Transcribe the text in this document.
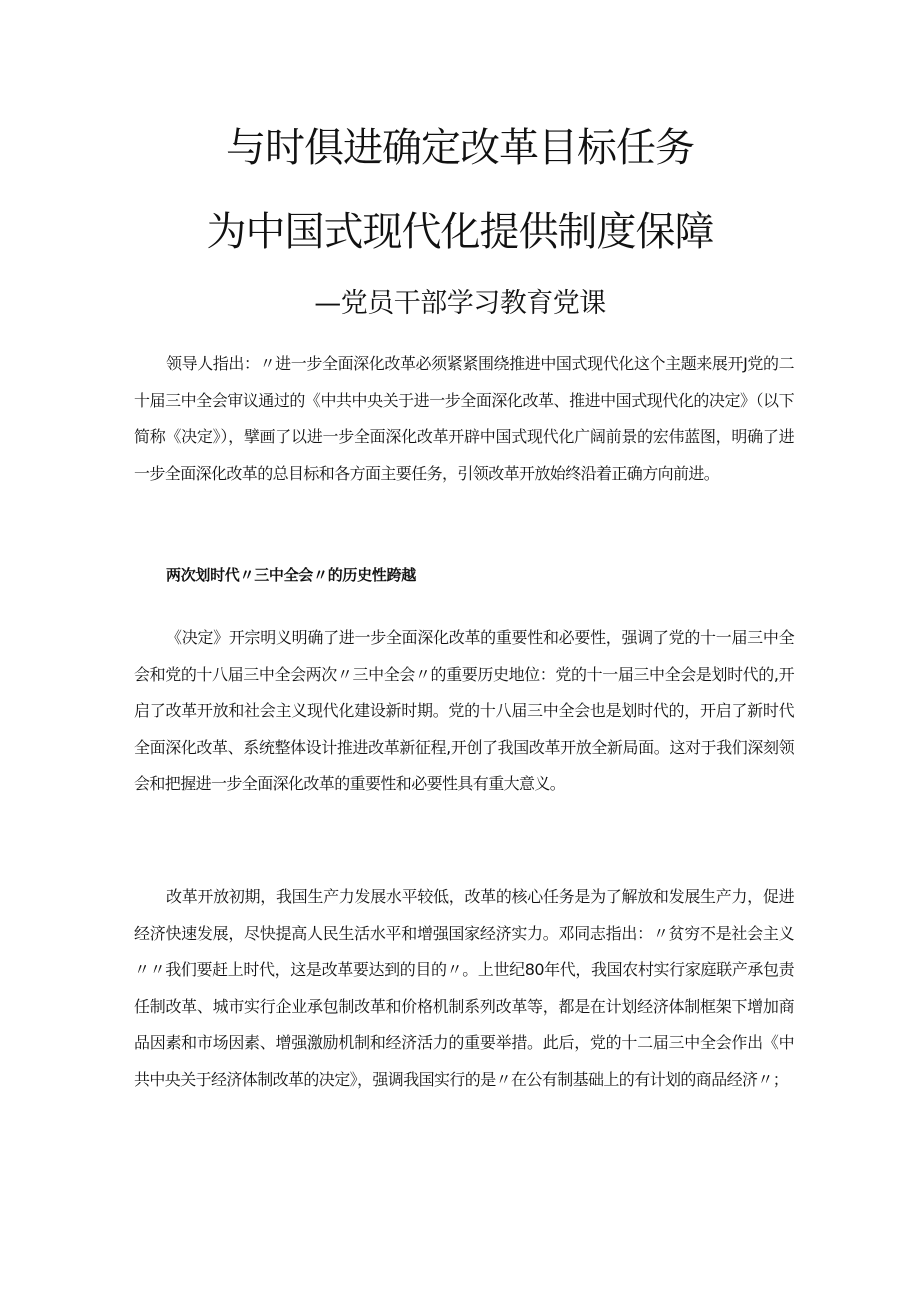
与时俱进确定改革目标任务
为中国式现代化提供制度保障
—党员干部学习教育党课

领导人指出：〃进一步全面深化改革必须紧紧围绕推进中国式现代化这个主题来展开J党的二十届三中全会审议通过的《中共中央关于进一步全面深化改革、推进中国式现代化的决定》（以下简称《决定》），擘画了以进一步全面深化改革开辟中国式现代化广阔前景的宏伟蓝图，明确了进一步全面深化改革的总目标和各方面主要任务，引领改革开放始终沿着正确方向前进。

两次划时代〃三中全会〃的历史性跨越

《决定》开宗明义明确了进一步全面深化改革的重要性和必要性，强调了党的十一届三中全会和党的十八届三中全会两次〃三中全会〃的重要历史地位：党的十一届三中全会是划时代的,开启了改革开放和社会主义现代化建设新时期。党的十八届三中全会也是划时代的，开启了新时代全面深化改革、系统整体设计推进改革新征程,开创了我国改革开放全新局面。这对于我们深刻领会和把握进一步全面深化改革的重要性和必要性具有重大意义。

改革开放初期，我国生产力发展水平较低，改革的核心任务是为了解放和发展生产力，促进经济快速发展，尽快提高人民生活水平和增强国家经济实力。邓同志指出：〃贫穷不是社会主义〃〃我们要赶上时代，这是改革要达到的目的〃。上世纪80年代，我国农村实行家庭联产承包责任制改革、城市实行企业承包制改革和价格机制系列改革等，都是在计划经济体制框架下增加商品因素和市场因素、增强激励机制和经济活力的重要举措。此后，党的十二届三中全会作出《中共中央关于经济体制改革的决定》，强调我国实行的是〃在公有制基础上的有计划的商品经济〃；
